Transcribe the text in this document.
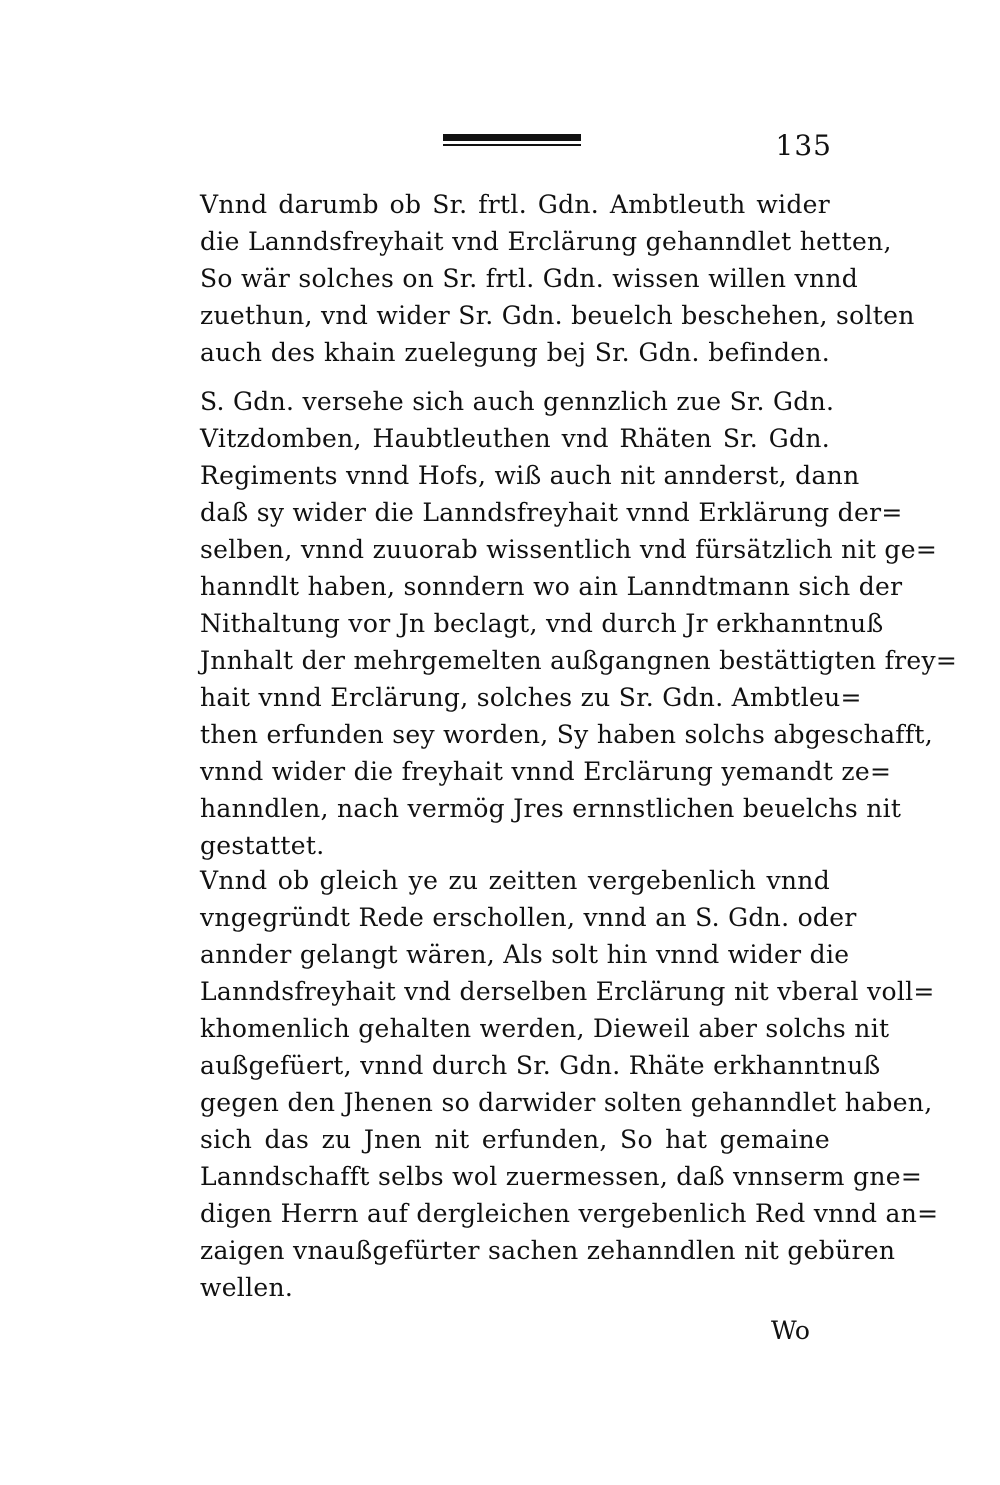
135
Vnnd darumb ob Sr. frtl. Gdn. Ambtleuth wider
die Lanndsfreyhait vnd Erclärung gehanndlet hetten,
So wär solches on Sr. frtl. Gdn. wissen willen vnnd
zuethun, vnd wider Sr. Gdn. beuelch beschehen, solten
auch des khain zuelegung bej Sr. Gdn. befinden.
S. Gdn. versehe sich auch gennzlich zue Sr. Gdn.
Vitzdomben, Haubtleuthen vnd Rhäten Sr. Gdn.
Regiments vnnd Hofs, wiß auch nit annderst, dann
daß sy wider die Lanndsfreyhait vnnd Erklärung der=
selben, vnnd zuuorab wissentlich vnd fürsätzlich nit ge=
hanndlt haben, sonndern wo ain Lanndtmann sich der
Nithaltung vor Jn beclagt, vnd durch Jr erkhanntnuß
Jnnhalt der mehrgemelten außgangnen bestättigten frey=
hait vnnd Erclärung, solches zu Sr. Gdn. Ambtleu=
then erfunden sey worden, Sy haben solchs abgeschafft,
vnnd wider die freyhait vnnd Erclärung yemandt ze=
hanndlen, nach vermög Jres ernnstlichen beuelchs nit
gestattet.
Vnnd ob gleich ye zu zeitten vergebenlich vnnd
vngegründt Rede erschollen, vnnd an S. Gdn. oder
annder gelangt wären, Als solt hin vnnd wider die
Lanndsfreyhait vnd derselben Erclärung nit vberal voll=
khomenlich gehalten werden, Dieweil aber solchs nit
außgefüert, vnnd durch Sr. Gdn. Rhäte erkhanntnuß
gegen den Jhenen so darwider solten gehanndlet haben,
sich das zu Jnen nit erfunden, So hat gemaine
Lanndschafft selbs wol zuermessen, daß vnnserm gne=
digen Herrn auf dergleichen vergebenlich Red vnnd an=
zaigen vnaußgefürter sachen zehanndlen nit gebüren
wellen.
Wo
